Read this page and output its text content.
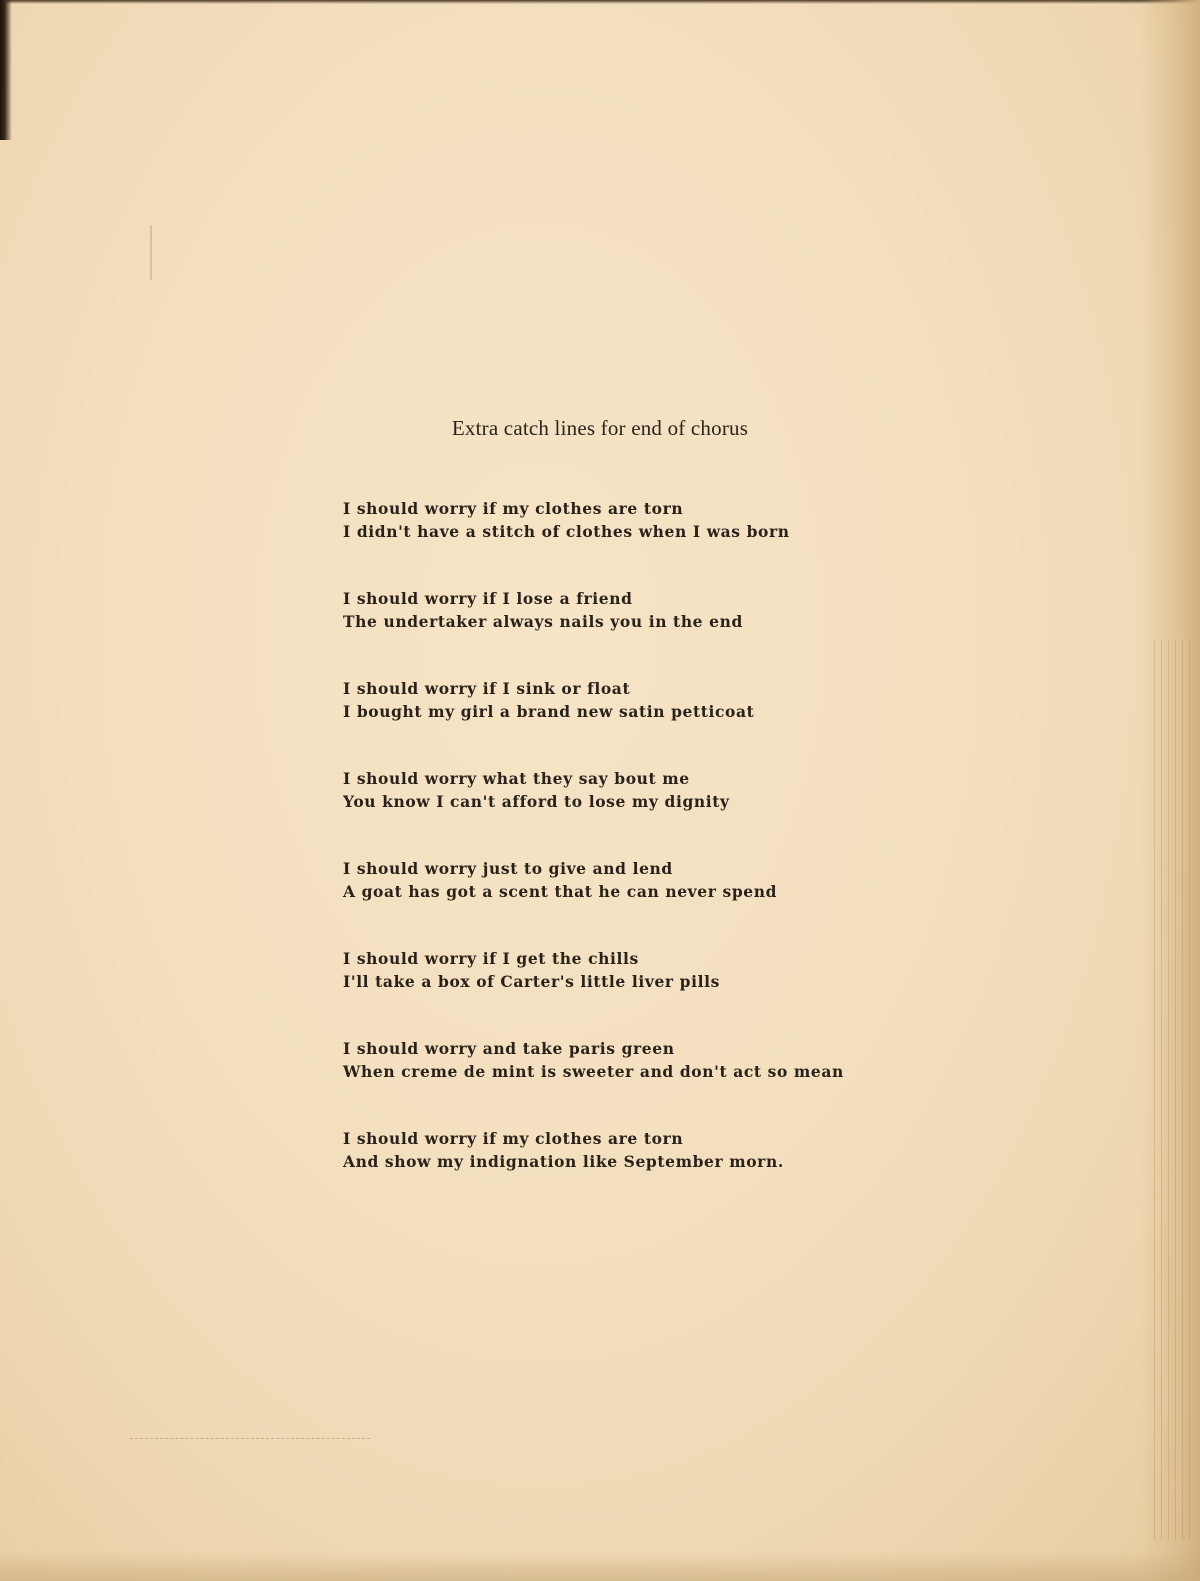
Extra catch lines for end of chorus
I should worry if my clothes are torn
I didn't have a stitch of clothes when I was born
I should worry if I lose a friend
The undertaker always nails you in the end
I should worry if I sink or float
I bought my girl a brand new satin petticoat
I should worry what they say bout me
You know I can't afford to lose my dignity
I should worry just to give and lend
A goat has got a scent that he can never spend
I should worry if I get the chills
I'll take a box of Carter's little liver pills
I should worry and take paris green
When creme de mint is sweeter and don't act so mean
I should worry if my clothes are torn
And show my indignation like September morn.
